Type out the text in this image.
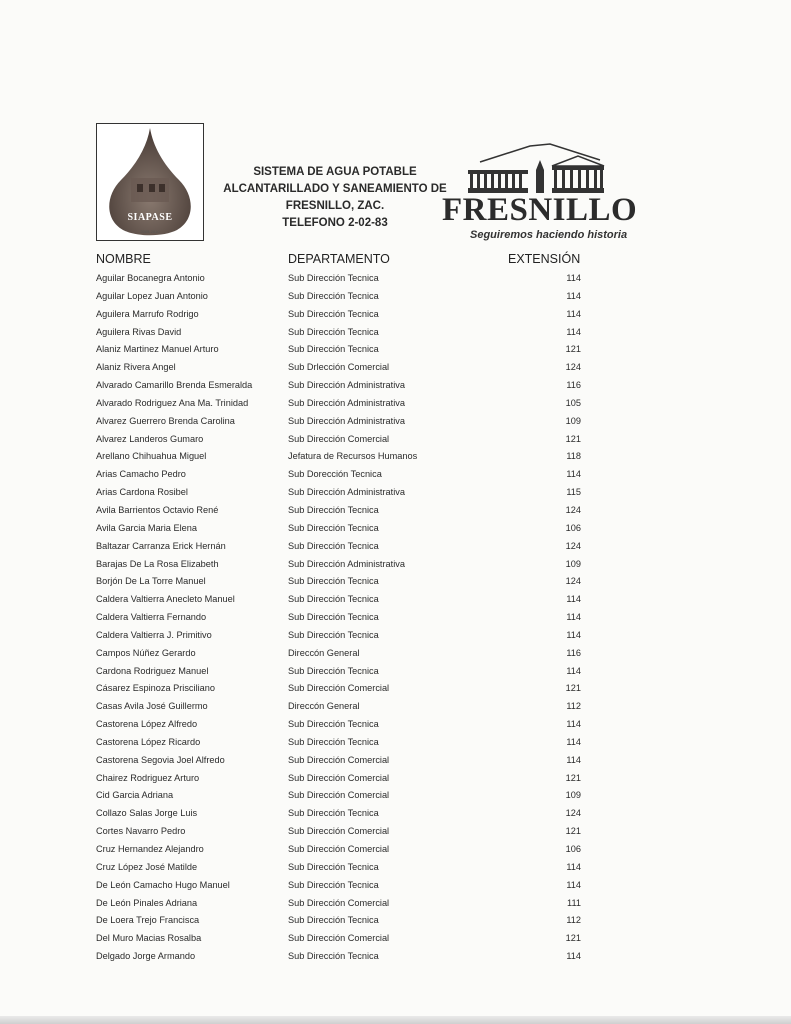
SIAPASE
2005-2010
SISTEMA DE AGUA POTABLE
ALCANTARILLADO Y SANEAMIENTO DE
FRESNILLO, ZAC.
TELEFONO 2-02-83	FRESNILLO
Seguiremos haciendo historia
NOMBRE	DEPARTAMENTO	EXTENSIÓN
Aguilar Bocanegra Antonio	Sub Dirección Tecnica	114
Aguilar Lopez Juan Antonio	Sub Dirección Tecnica	114
Aguilera Marrufo Rodrigo	Sub Dirección Tecnica	114
Aguilera Rivas David	Sub Dirección Tecnica	114
Alaniz Martinez Manuel Arturo	Sub Dirección Tecnica	121
Alaniz Rivera Angel	Sub Drlección Comercial	124
Alvarado Camarillo Brenda Esmeralda	Sub Dirección Administrativa	116
Alvarado Rodriguez Ana Ma. Trinidad	Sub Dirección Administrativa	105
Alvarez Guerrero Brenda Carolina	Sub Dirección Administrativa	109
Alvarez Landeros Gumaro	Sub Dirección Comercial	121
Arellano Chihuahua Miguel	Jefatura de Recursos Humanos	118
Arias Camacho Pedro	Sub Dorección Tecnica	114
Arias Cardona Rosibel	Sub Dirección Administrativa	115
Avila Barrientos Octavio René	Sub Dirección Tecnica	124
Avila Garcia Maria Elena	Sub Dirección Tecnica	106
Baltazar Carranza Erick Hernán	Sub Dirección Tecnica	124
Barajas De La Rosa Elizabeth	Sub Dirección Administrativa	109
Borjón De La Torre Manuel	Sub Dirección Tecnica	124
Caldera Valtierra Anecleto Manuel	Sub Dirección Tecnica	114
Caldera Valtierra Fernando	Sub Dirección Tecnica	114
Caldera Valtierra J. Primitivo	Sub Dirección Tecnica	114
Campos Núñez Gerardo	Direccón General	116
Cardona Rodriguez Manuel	Sub Dirección Tecnica	114
Cásarez Espinoza Prisciliano	Sub Dirección Comercial	121
Casas Avila José Guillermo	Direccón General	112
Castorena López Alfredo	Sub Dirección Tecnica	114
Castorena López Ricardo	Sub Dirección Tecnica	114
Castorena Segovia Joel Alfredo	Sub Dirección Comercial	114
Chairez Rodriguez Arturo	Sub Dirección Comercial	121
Cid Garcia Adriana	Sub Dirección Comercial	109
Collazo Salas Jorge Luis	Sub Dirección Tecnica	124
Cortes Navarro Pedro	Sub Dirección Comercial	121
Cruz Hernandez Alejandro	Sub Dirección Comercial	106
Cruz López José Matilde	Sub Dirección Tecnica	114
De León Camacho Hugo Manuel	Sub Dirección Tecnica	114
De León Pinales Adriana	Sub Dirección Comercial	111
De Loera Trejo Francisca	Sub Dirección Tecnica	112
Del Muro Macias Rosalba	Sub Dirección Comercial	121
Delgado Jorge Armando	Sub Dirección Tecnica	114
